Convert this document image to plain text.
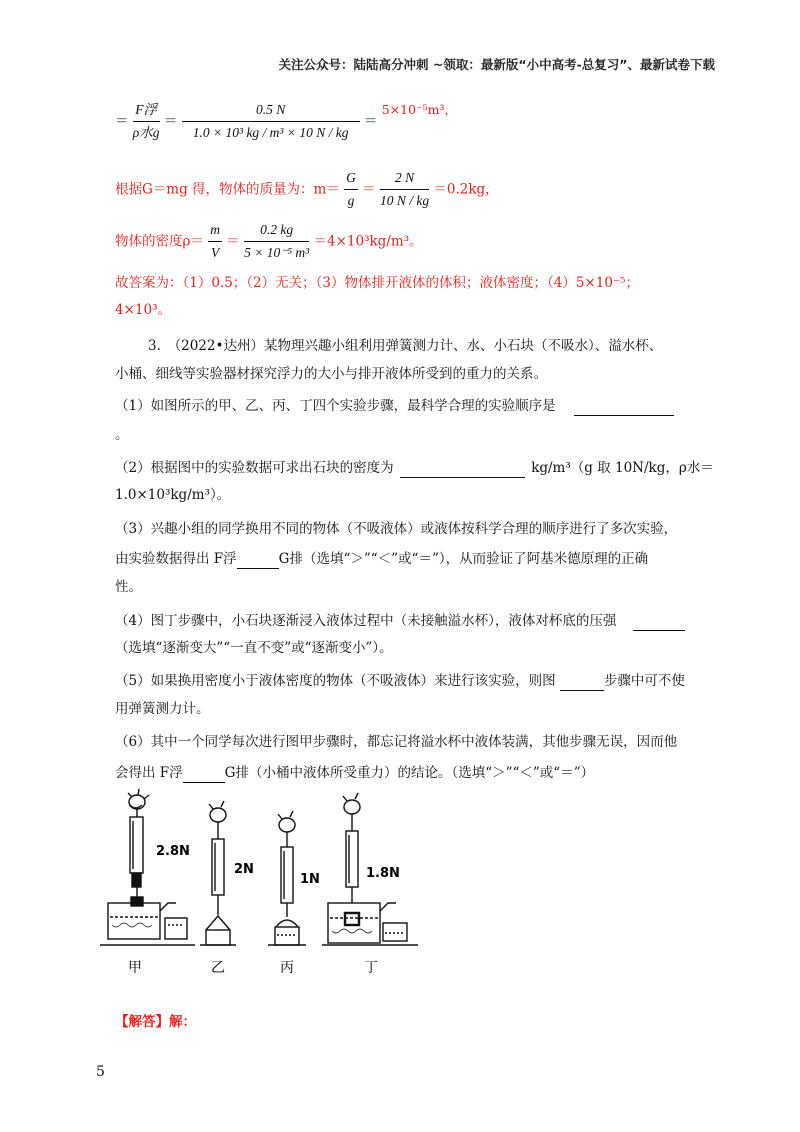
关注公众号：陆陆高分冲刺 ~领取：最新版“小中高考-总复习”、最新试卷下载
＝ $\frac{\text{F浮}}{\text{ρ水g}} = \frac{0.5 N}{\text{1.0 × 10³ kg / m³ × 10 N / kg}} = 5\times 10^{-5}m^3$，
根据G＝mg 得，物体的质量为：$m= \frac{G}{g} = \frac{2 N}{10 N / kg} =0.2kg$，
物体的密度$\rho= \frac{m}{V} = \frac{0.2 kg}{\text{5 × 10⁻⁵ m³}} =4\times 10^3kg/m^3$。
故答案为：（1）0.5；（2）无关；（3）物体排开液体的体积；液体密度；（4）5×10⁻⁵；
4×10³。
3.　（2022•达州）某物理兴趣小组利用弹簧测力计、水、小石块（不吸水）、溢水杯、
小桶、细线等实验器材探究浮力的大小与排开液体所受到的重力的关系。
（1）如图所示的甲、乙、丙、丁四个实验步骤，最科学合理的实验顺序是
。
（2）根据图中的实验数据可求出石块的密度为	kg/m³（g 取 10N/kg，ρ水＝
1.0×10³kg/m³）。
（3）兴趣小组的同学换用不同的物体（不吸液体）或液体按科学合理的顺序进行了多次实验，
由实验数据得出 F浮	G排（选填“＞”“＜”或“＝”），从而验证了阿基米德原理的正确
性。
（4）图丁步骤中，小石块逐渐浸入液体过程中（未接触溢水杯），液体对杯底的压强
（选填“逐渐变大”“一直不变”或“逐渐变小”）。
（5）如果换用密度小于液体密度的物体（不吸液体）来进行该实验，则图	步骤中可不使
用弹簧测力计。
（6）其中一个同学每次进行图甲步骤时，都忘记将溢水杯中液体装满，其他步骤无误，因而他
会得出 F浮	G排（小桶中液体所受重力）的结论。（选填“＞”“＜”或“＝”）
2.8N
2N
1N	1.8N
甲	乙	丙	丁
【解答】解：
5
